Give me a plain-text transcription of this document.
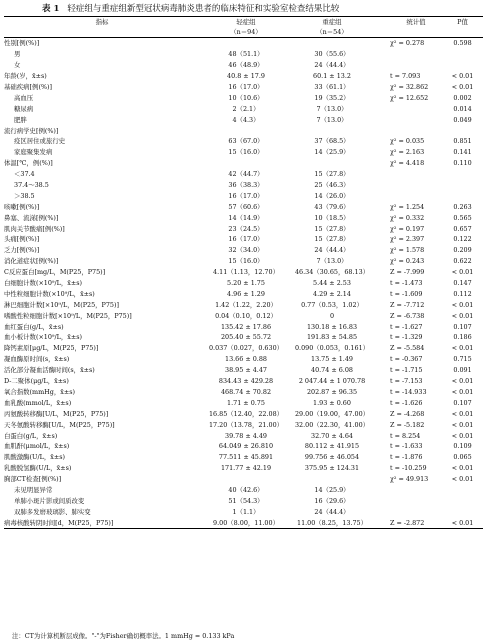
表 1 轻症组与重症组新型冠状病毒肺炎患者的临床特征和实验室检查结果比较
指标	轻症组	重症组	统计值	P值
	（n＝94）	（n＝54）		
性别[例(%)]			χ² = 0.278	0.598
男	48（51.1）	30（55.6）		
女	46（48.9）	24（44.4）		
年龄(岁，x̄±s)	40.8 ± 17.9	60.1 ± 13.2	t = 7.093	< 0.01
基础疾病[例(%)]	16（17.0）	33（61.1）	χ² = 32.862	< 0.01
高血压	10（10.6）	19（35.2）	χ² = 12.652	0.002
糖尿病	2（2.1）	7（13.0）		0.014
肥胖	4（4.3）	7（13.0）		0.049
流行病学史[例(%)]				
疫区居住或旅行史	63（67.0）	37（68.5）	χ² = 0.035	0.851
家庭聚集发病	15（16.0）	14（25.9）	χ² = 2.163	0.141
体温[℃，例(%)]			χ² = 4.418	0.110
＜37.4	42（44.7）	15（27.8）		
37.4～38.5	36（38.3）	25（46.3）		
＞38.5	16（17.0）	14（26.0）		
咳嗽[例(%)]	57（60.6）	43（79.6）	χ² = 1.254	0.263
鼻塞、流涕[例(%)]	14（14.9）	10（18.5）	χ² = 0.332	0.565
肌肉关节酸痛[例(%)]	23（24.5）	15（27.8）	χ² = 0.197	0.657
头痛[例(%)]	16（17.0）	15（27.8）	χ² = 2.397	0.122
乏力[例(%)]	32（34.0）	24（44.4）	χ² = 1.578	0.209
消化道症状[例(%)]	15（16.0）	7（13.0）	χ² = 0.243	0.622
C反应蛋白[mg/L，M(P25，P75)]	4.11（1.13，12.70）	46.34（30.65，68.13）	Z = -7.999	< 0.01
白细胞计数(×10⁹/L，x̄±s)	5.20 ± 1.75	5.44 ± 2.53	t = -1.473	0.147
中性粒细胞计数(×10⁹/L，x̄±s)	4.96 ± 1.29	4.29 ± 2.14	t = -1.609	0.112
淋巴细胞计数[×10⁹/L，M(P25，P75)]	1.42（1.22，2.20）	0.77（0.53，1.02）	Z = -7.712	< 0.01
嗜酸性粒细胞计数[×10⁹/L，M(P25，P75)]	0.04（0.10，0.12）	0	Z = -6.738	< 0.01
血红蛋白(g/L，x̄±s)	135.42 ± 17.86	130.18 ± 16.83	t = -1.627	0.107
血小板计数(×10⁹/L，x̄±s)	205.40 ± 55.72	191.83 ± 54.85	t = -1.329	0.186
降钙素原[μg/L，M(P25，P75)]	0.037（0.027，0.630）	0.090（0.053，0.161）	Z = -5.584	< 0.01
凝血酶原时间(s，x̄±s)	13.66 ± 0.88	13.75 ± 1.49	t = -0.367	0.715
活化部分凝血活酶时间(s，x̄±s)	38.95 ± 4.47	40.74 ± 6.08	t = -1.715	0.091
D-二聚体(μg/L，x̄±s)	834.43 ± 429.28	2 047.44 ± 1 070.78	t = -7.153	< 0.01
氧合指数(mmHg，x̄±s)	468.74 ± 70.82	202.87 ± 96.35	t = -14.933	< 0.01
血乳酸(mmol/L，x̄±s)	1.71 ± 0.75	1.93 ± 0.60	t = -1.626	0.107
丙氨酸转移酶[U/L，M(P25，P75)]	16.85（12.40，22.08）	29.00（19.00，47.00）	Z = -4.268	< 0.01
天冬氨酸转移酶[U/L，M(P25，P75)]	17.20（13.78，21.00）	32.00（22.30，41.00）	Z = -5.182	< 0.01
白蛋白(g/L，x̄±s)	39.78 ± 4.49	32.70 ± 4.64	t = 8.254	< 0.01
血肌酐(μmol/L，x̄±s)	64.049 ± 26.810	80.112 ± 41.915	t = -1.633	0.109
肌酸激酶(U/L，x̄±s)	77.511 ± 45.891	99.756 ± 46.054	t = -1.876	0.065
乳酸脱氢酶(U/L，x̄±s)	171.77 ± 42.19	375.95 ± 124.31	t = -10.259	< 0.01
胸部CT检查[例(%)]			χ² = 49.913	< 0.01
未见明显异常	40（42.6）	14（25.9）		
单肺小斑片影或间质改变	51（54.3）	16（29.6）		
双肺多发磨玻璃影、肺实变	1（1.1）	24（44.4）		
病毒核酸转阴时间[d，M(P25，P75)]	9.00（8.00，11.00）	11.00（8.25，13.75）	Z = -2.872	< 0.01
注：CT为计算机断层成像。"-"为Fisher确切概率法。1 mmHg = 0.133 kPa
